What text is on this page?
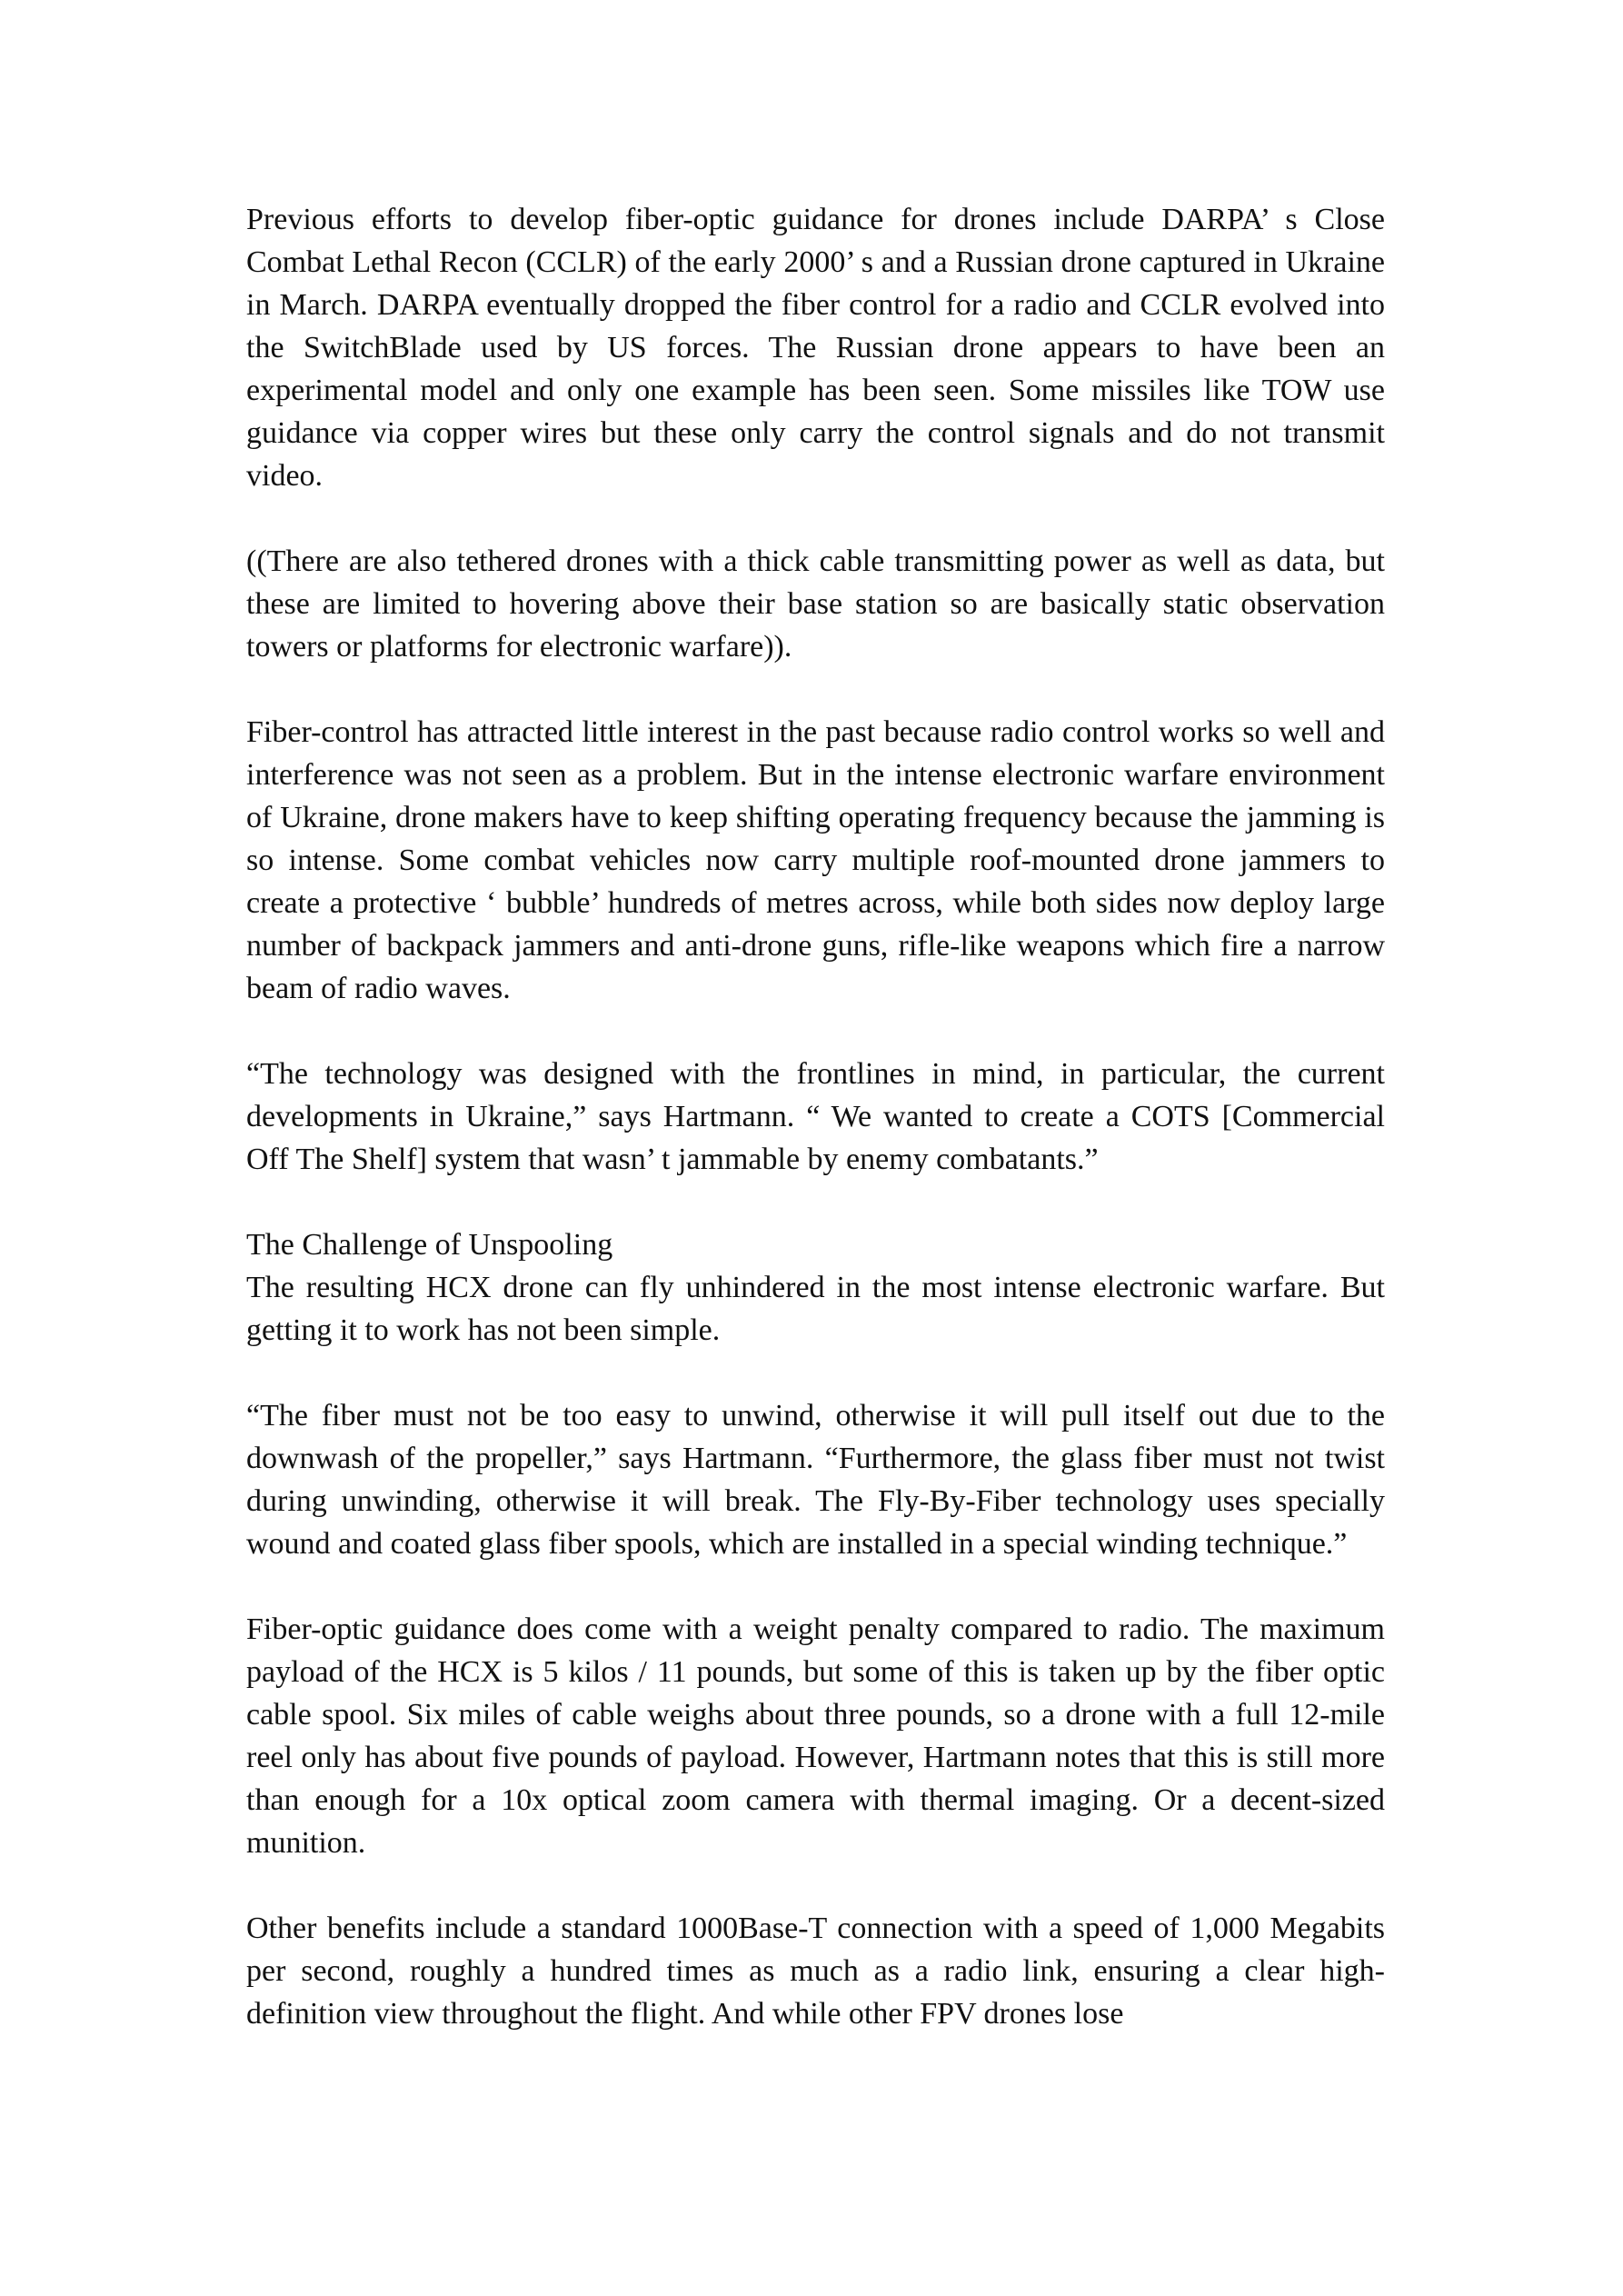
Previous efforts to develop fiber-optic guidance for drones include DARPA’ s Close Combat Lethal Recon (CCLR) of the early 2000’ s and a Russian drone captured in Ukraine in March. DARPA eventually dropped the fiber control for a radio and CCLR evolved into the SwitchBlade used by US forces. The Russian drone appears to have been an experimental model and only one example has been seen. Some missiles like TOW use guidance via copper wires but these only carry the control signals and do not transmit video.

((There are also tethered drones with a thick cable transmitting power as well as data, but these are limited to hovering above their base station so are basically static observation towers or platforms for electronic warfare)).

Fiber-control has attracted little interest in the past because radio control works so well and interference was not seen as a problem. But in the intense electronic warfare environment of Ukraine, drone makers have to keep shifting operating frequency because the jamming is so intense. Some combat vehicles now carry multiple roof-mounted drone jammers to create a protective ‘ bubble’ hundreds of metres across, while both sides now deploy large number of backpack jammers and anti-drone guns, rifle-like weapons which fire a narrow beam of radio waves.

“The technology was designed with the frontlines in mind, in particular, the current developments in Ukraine,” says Hartmann. “ We wanted to create a COTS [Commercial Off The Shelf] system that wasn’ t jammable by enemy combatants.”

The Challenge of Unspooling

The resulting HCX drone can fly unhindered in the most intense electronic warfare. But getting it to work has not been simple.

“The fiber must not be too easy to unwind, otherwise it will pull itself out due to the downwash of the propeller,” says Hartmann. “Furthermore, the glass fiber must not twist during unwinding, otherwise it will break. The Fly-By-Fiber technology uses specially wound and coated glass fiber spools, which are installed in a special winding technique.”

Fiber-optic guidance does come with a weight penalty compared to radio. The maximum payload of the HCX is 5 kilos / 11 pounds, but some of this is taken up by the fiber optic cable spool. Six miles of cable weighs about three pounds, so a drone with a full 12-mile reel only has about five pounds of payload. However, Hartmann notes that this is still more than enough for a 10x optical zoom camera with thermal imaging. Or a decent-sized munition.

Other benefits include a standard 1000Base-T connection with a speed of 1,000 Megabits per second, roughly a hundred times as much as a radio link, ensuring a clear high-definition view throughout the flight. And while other FPV drones lose
